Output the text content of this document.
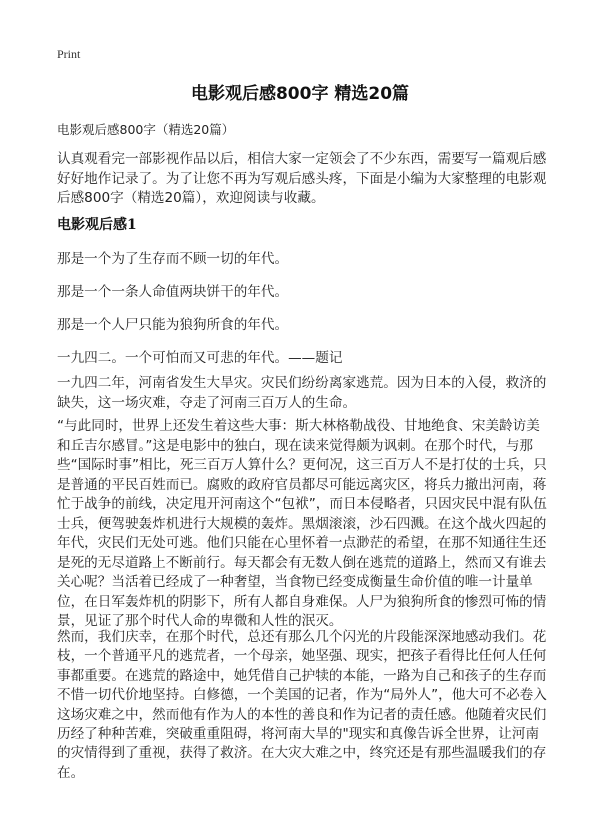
Print
电影观后感800字 精选20篇
电影观后感800字（精选20篇）

认真观看完一部影视作品以后，相信大家一定领会了不少东西，需要写一篇观后感好好地作记录了。为了让您不再为写观后感头疼，下面是小编为大家整理的电影观后感800字（精选20篇），欢迎阅读与收藏。

电影观后感1
那是一个为了生存而不顾一切的年代。
那是一个一条人命值两块饼干的年代。
那是一个人尸只能为狼狗所食的年代。
一九四二。一个可怕而又可悲的年代。——题记

一九四二年，河南省发生大旱灾。灾民们纷纷离家逃荒。因为日本的入侵，救济的缺失，这一场灾难，夺走了河南三百万人的生命。

“与此同时，世界上还发生着这些大事：斯大林格勒战役、甘地绝食、宋美龄访美和丘吉尔感冒。”这是电影中的独白，现在读来觉得颇为讽刺。在那个时代，与那些“国际时事”相比，死三百万人算什么？更何况，这三百万人不是打仗的士兵，只是普通的平民百姓而已。腐败的政府官员都尽可能远离灾区，将兵力撤出河南，蒋忙于战争的前线，决定甩开河南这个“包袱”，而日本侵略者，只因灾民中混有队伍士兵，便驾驶轰炸机进行大规模的轰炸。黑烟滚滚，沙石四溅。在这个战火四起的年代，灾民们无处可逃。他们只能在心里怀着一点渺茫的希望，在那不知通往生还是死的无尽道路上不断前行。每天都会有无数人倒在逃荒的道路上，然而又有谁去关心呢？当活着已经成了一种奢望，当食物已经变成衡量生命价值的唯一计量单位，在日军轰炸机的阴影下，所有人都自身难保。人尸为狼狗所食的惨烈可怖的情景，见证了那个时代人命的卑微和人性的泯灭。

然而，我们庆幸，在那个时代，总还有那么几个闪光的片段能深深地感动我们。花枝，一个普通平凡的逃荒者，一个母亲，她坚强、现实，把孩子看得比任何人任何事都重要。在逃荒的路途中，她凭借自己护犊的本能，一路为自己和孩子的生存而不惜一切代价地坚持。白修德，一个美国的记者，作为“局外人”，他大可不必卷入这场灾难之中，然而他有作为人的本性的善良和作为记者的责任感。他随着灾民们历经了种种苦难，突破重重阻碍，将河南大旱的"现实和真像告诉全世界，让河南的灾情得到了重视，获得了救济。在大灾大难之中，终究还是有那些温暖我们的存在。
